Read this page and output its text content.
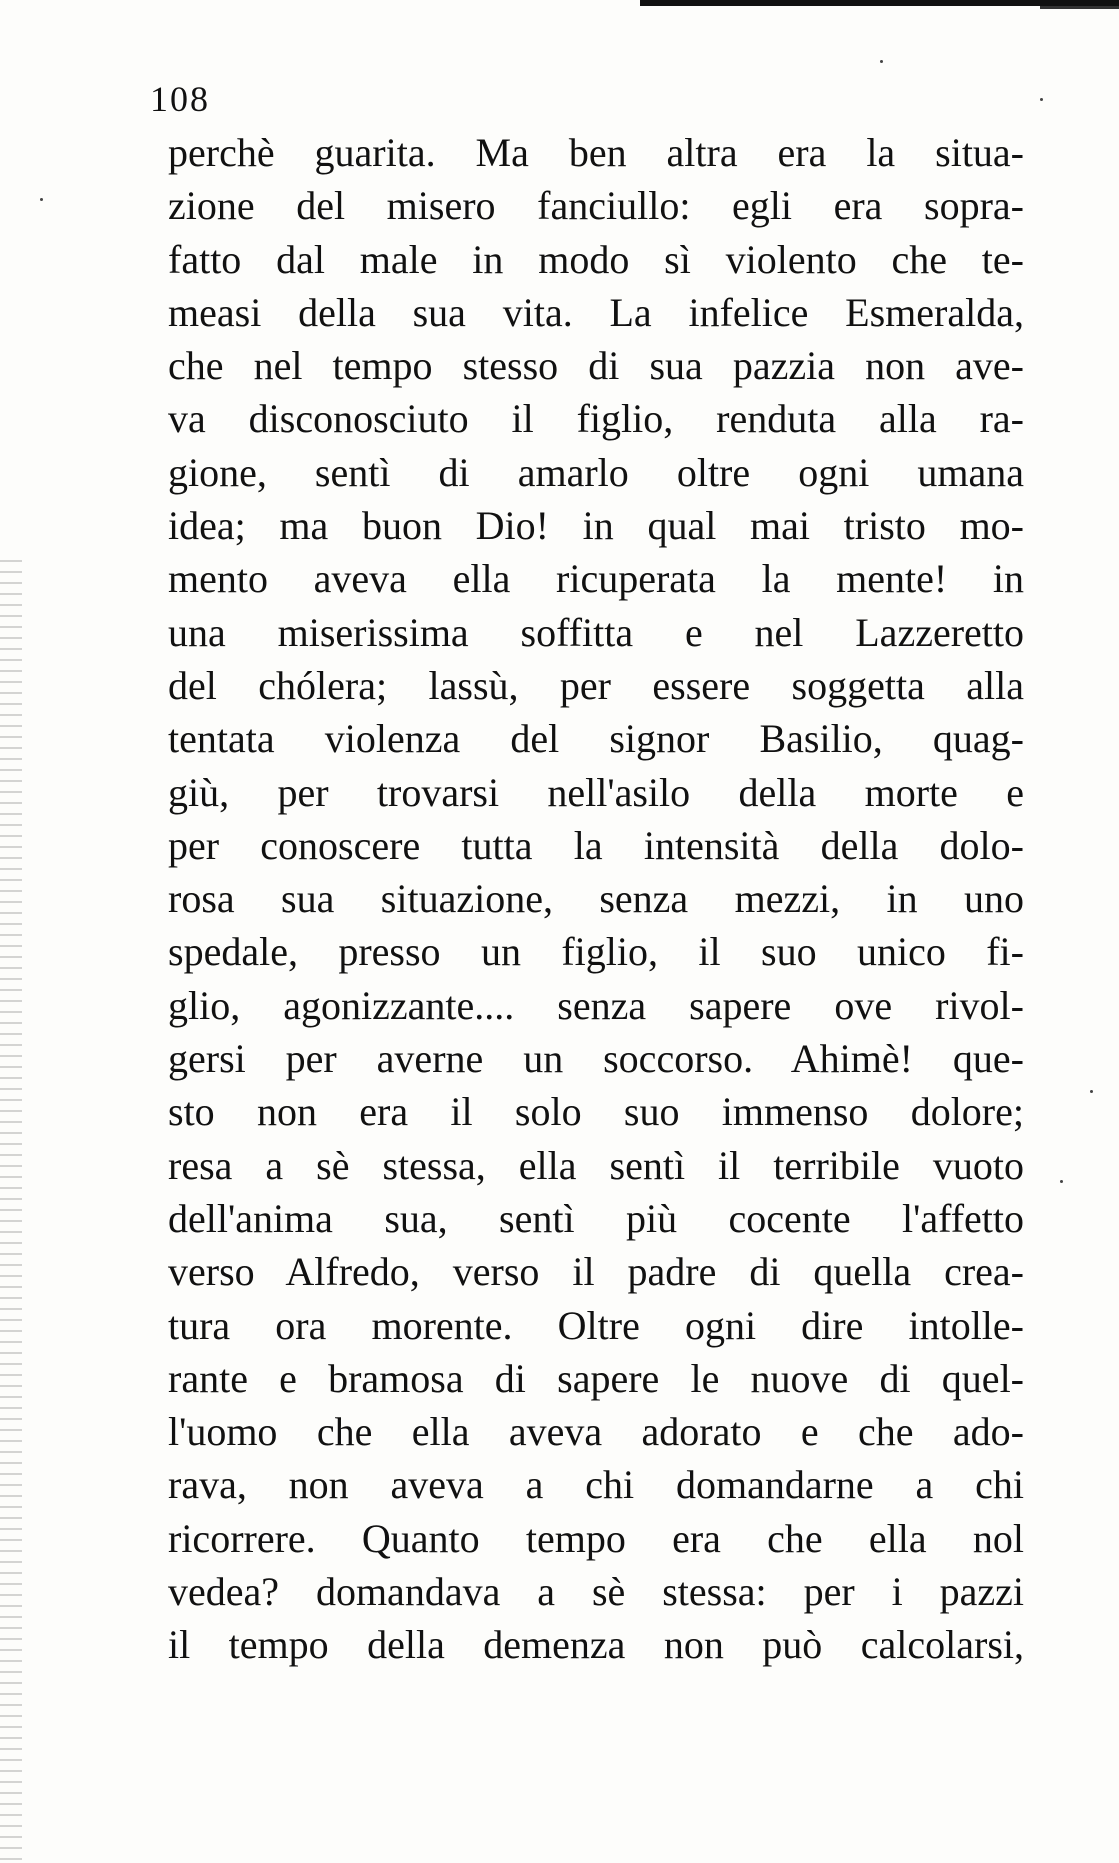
108
perchè guarita. Ma ben altra era la situa-
zione del misero fanciullo: egli era sopra-
fatto dal male in modo sì violento che te-
measi della sua vita. La infelice Esmeralda,
che nel tempo stesso di sua pazzia non ave-
va disconosciuto il figlio, renduta alla ra-
gione, sentì di amarlo oltre ogni umana
idea; ma buon Dio! in qual mai tristo mo-
mento aveva ella ricuperata la mente! in
una miserissima soffitta e nel Lazzeretto
del chólera; lassù, per essere soggetta alla
tentata violenza del signor Basilio, quag-
giù, per trovarsi nell'asilo della morte e
per conoscere tutta la intensità della dolo-
rosa sua situazione, senza mezzi, in uno
spedale, presso un figlio, il suo unico fi-
glio, agonizzante.... senza sapere ove rivol-
gersi per averne un soccorso. Ahimè! que-
sto non era il solo suo immenso dolore;
resa a sè stessa, ella sentì il terribile vuoto
dell'anima sua, sentì più cocente l'affetto
verso Alfredo, verso il padre di quella crea-
tura ora morente. Oltre ogni dire intolle-
rante e bramosa di sapere le nuove di quel-
l'uomo che ella aveva adorato e che ado-
rava, non aveva a chi domandarne a chi
ricorrere. Quanto tempo era che ella nol
vedea? domandava a sè stessa: per i pazzi
il tempo della demenza non può calcolarsi,
